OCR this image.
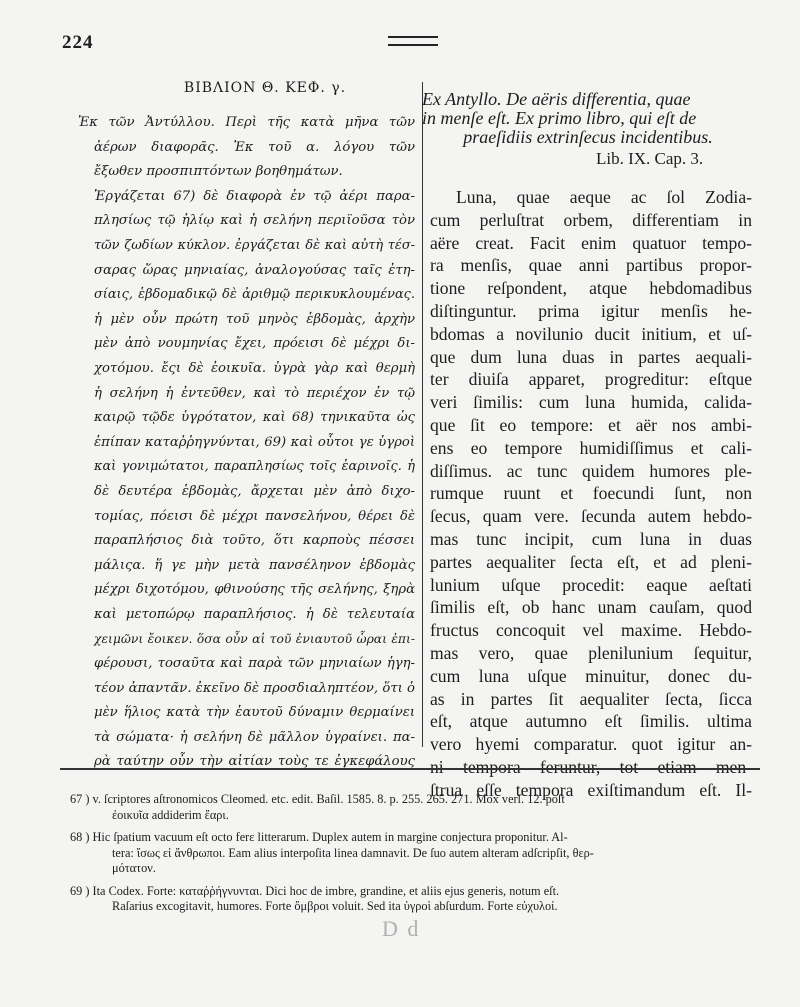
224
ΒΙΒΛΙΟΝ Θ. ΚΕΦ. γ.
Ἐκ τῶν Ἀντύλλου. Περὶ τῆς κατὰ μῆνα τῶν
ἀέρων διαφορᾶς. Ἐκ τοῦ α. λόγου τῶν
ἔξωθεν προσπιπτόντων βοηθημάτων.
Ἐργάζεται 67) δὲ διαφορὰ ἐν τῷ ἀέρι παρα-
πλησίως τῷ ἡλίῳ καὶ ἡ σελήνη περιϊοῦσα τὸν
τῶν ζωδίων κύκλον. ἐργάζεται δὲ καὶ αὐτὴ τέσ-
σαρας ὥρας μηνιαίας, ἀναλογούσας ταῖς ἐτη-
σίαις, ἑβδομαδικῷ δὲ ἀριθμῷ περικυκλουμένας.
ἡ μὲν οὖν πρώτη τοῦ μηνὸς ἑβδομὰς, ἀρχὴν
μὲν ἀπὸ νουμηνίας ἔχει, πρόεισι δὲ μέχρι δι-
χοτόμου. ἔςι δὲ ἐοικυῖα. ὑγρὰ γὰρ καὶ θερμὴ
ἡ σελήνη ἡ ἐντεῦθεν, καὶ τὸ περιέχον ἐν τῷ
καιρῷ τῷδε ὑγρότατον, καὶ 68) τηνικαῦτα ὡς
ἐπίπαν καταῤῥηγνύνται, 69) καὶ οὗτοι γε ὑγροὶ
καὶ γονιμώτατοι, παραπλησίως τοῖς ἐαρινοῖς. ἡ
δὲ δευτέρα ἑβδομὰς, ἄρχεται μὲν ἀπὸ διχο-
τομίας, πόεισι δὲ μέχρι πανσελήνου, θέρει δὲ
παραπλήσιος διὰ τοῦτο, ὅτι καρποὺς πέσσει
μάλιςα. ἥ γε μὴν μετὰ πανσέληνον ἑβδομὰς
μέχρι διχοτόμου, φθινούσης τῆς σελήνης, ξηρὰ
καὶ μετοπώρῳ παραπλήσιος. ἡ δὲ τελευταία
χειμῶνι ἔοικεν. ὅσα οὖν αἱ τοῦ ἐνιαυτοῦ ὧραι ἐπι-
φέρουσι, τοσαῦτα καὶ παρὰ τῶν μηνιαίων ἡγη-
τέον ἀπαντᾶν. ἐκεῖνο δὲ προσδιαληπτέον, ὅτι ὁ
μὲν ἥλιος κατὰ τὴν ἑαυτοῦ δύναμιν θερμαίνει
τὰ σώματα· ἡ σελήνη δὲ μᾶλλον ὑγραίνει. πα-
ρὰ ταύτην οὖν τὴν αἰτίαν τοὺς τε ἐγκεφάλους
Ex Antyllo. De aëris differentia, quae
in menſe eſt. Ex primo libro, qui eſt de
praeſidiis extrinſecus incidentibus.
Lib. IX. Cap. 3.
Luna, quae aeque ac ſol Zodia-
cum perluſtrat orbem, differentiam in
aëre creat. Facit enim quatuor tempo-
ra menſis, quae anni partibus propor-
tione reſpondent, atque hebdomadibus
diſtinguntur. prima igitur menſis he-
bdomas a novilunio ducit initium, et uſ-
que dum luna duas in partes aequali-
ter diuiſa apparet, progreditur: eſtque
veri ſimilis: cum luna humida, calida-
que ſit eo tempore: et aër nos ambi-
ens eo tempore humidiſſimus et cali-
diſſimus. ac tunc quidem humores ple-
rumque ruunt et foecundi ſunt, non
ſecus, quam vere. ſecunda autem hebdo-
mas tunc incipit, cum luna in duas
partes aequaliter ſecta eſt, et ad pleni-
lunium uſque procedit: eaque aeſtati
ſimilis eſt, ob hanc unam cauſam, quod
fructus concoquit vel maxime. Hebdo-
mas vero, quae plenilunium ſequitur,
cum luna uſque minuitur, donec du-
as in partes ſit aequaliter ſecta, ſicca
eſt, atque autumno eſt ſimilis. ultima
vero hyemi comparatur. quot igitur an-
ni tempora feruntur, tot etiam men-
ſtrua eſſe tempora exiſtimandum eſt. Il-
67 ) v. ſcriptores aſtronomicos Cleomed. etc. edit. Baſil. 1585. 8. p. 255. 265. 271. Mox verſ. 12. poſt
ἐοικυῖα addiderim ἔαρι.
68 ) Hic ſpatium vacuum eſt octo ferε litterarum. Duplex autem in margine conjectura proponitur. Al-
tera: ἴσως εἰ ἄνθρωποι. Eam alius interpoſita linea damnavit. De ſuo autem alteram adſcripſit, θερ-
μότατον.
69 ) Ita Codex. Forte: καταῤῥήγνυνται. Dici hoc de imbre, grandine, et aliis ejus generis, notum eſt.
Raſarius excogitavit, humores. Forte ὄμβροι voluit. Sed ita ὑγροὶ abſurdum. Forte εὐχυλοί.
D d
